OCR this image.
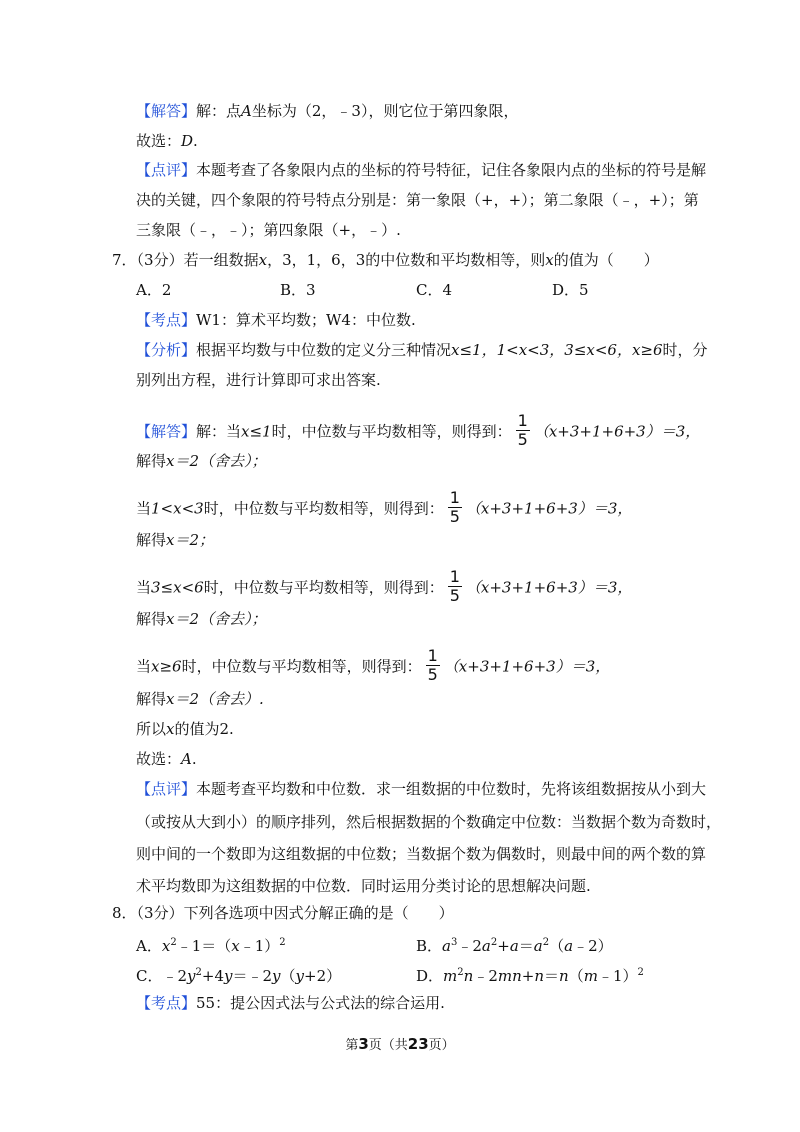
【解答】解：点A坐标为（2，﹣3），则它位于第四象限，
故选：D.
【点评】本题考查了各象限内点的坐标的符号特征，记住各象限内点的坐标的符号是解
决的关键，四个象限的符号特点分别是：第一象限（+，+）；第二象限（﹣，+）；第
三象限（﹣，﹣）；第四象限（+，﹣）.
7．（3分）若一组数据x，3，1，6，3的中位数和平均数相等，则x的值为（　　）
A．2	B．3	C．4	D．5
【考点】W1：算术平均数；W4：中位数.
【分析】根据平均数与中位数的定义分三种情况x≤1，1<x<3，3≤x<6，x≥6时，分
别列出方程，进行计算即可求出答案.
【解答】解：当x≤1时，中位数与平均数相等，则得到： $\frac{1}{5} (x+3+1+6+3)=3$，
解得x＝2（舍去）；
当1<x<3时，中位数与平均数相等，则得到： $\frac{1}{5} (x+3+1+6+3)=3$，
解得x＝2；
当3≤x<6时，中位数与平均数相等，则得到： $\frac{1}{5} (x+3+1+6+3)=3$，
解得x＝2（舍去）；
当x≥6时，中位数与平均数相等，则得到： $\frac{1}{5} (x+3+1+6+3)=3$，
解得x＝2（舍去）.
所以x的值为2.
故选：A.
【点评】本题考查平均数和中位数．求一组数据的中位数时，先将该组数据按从小到大
（或按从大到小）的顺序排列，然后根据数据的个数确定中位数：当数据个数为奇数时，
则中间的一个数即为这组数据的中位数；当数据个数为偶数时，则最中间的两个数的算
术平均数即为这组数据的中位数．同时运用分类讨论的思想解决问题.
8．（3分）下列各选项中因式分解正确的是（　　）
A．$x^2﹣1=(x﹣1)^2$	B．$a^3﹣2a^2+a=a^2(a﹣2)$
C．$﹣2y^2+4y=﹣2y(y+2)$	D．$m^2n﹣2mn+n=n(m﹣1)^2$
【考点】55：提公因式法与公式法的综合运用.
第3页（共23页）
